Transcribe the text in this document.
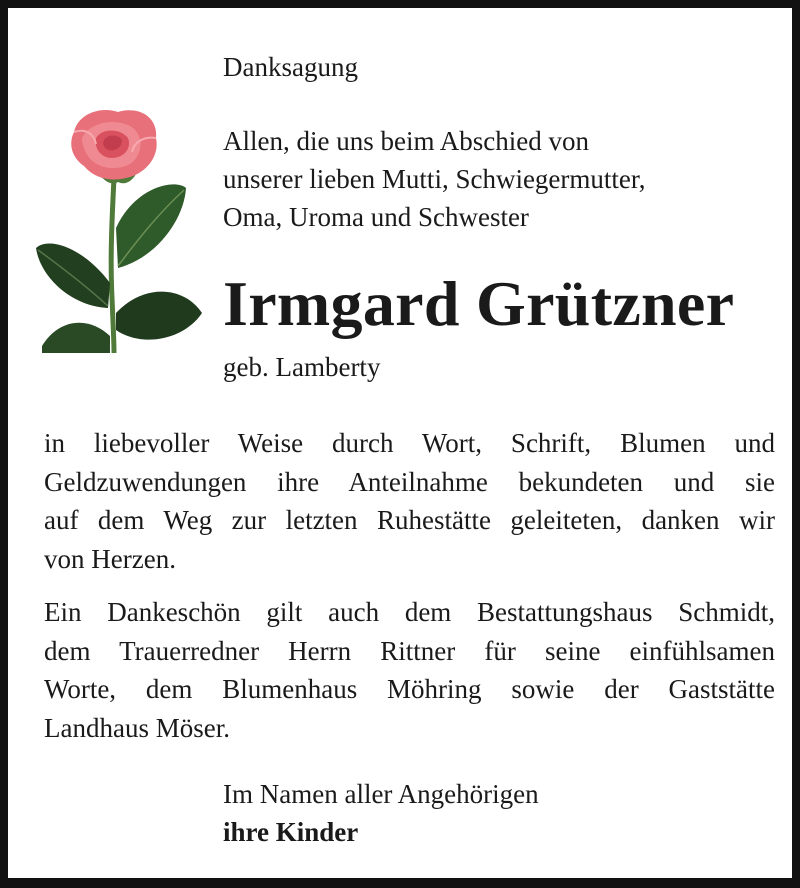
Danksagung
Allen, die uns beim Abschied von
unserer lieben Mutti, Schwiegermutter,
Oma, Uroma und Schwester
Irmgard Grützner
geb. Lamberty
in liebevoller Weise durch Wort, Schrift, Blumen und
Geldzuwendungen ihre Anteilnahme bekundeten und sie
auf dem Weg zur letzten Ruhestätte geleiteten, danken wir
von Herzen.
Ein Dankeschön gilt auch dem Bestattungshaus Schmidt,
dem Trauerredner Herrn Rittner für seine einfühlsamen
Worte, dem Blumenhaus Möhring sowie der Gaststätte
Landhaus Möser.
Im Namen aller Angehörigen
ihre Kinder
